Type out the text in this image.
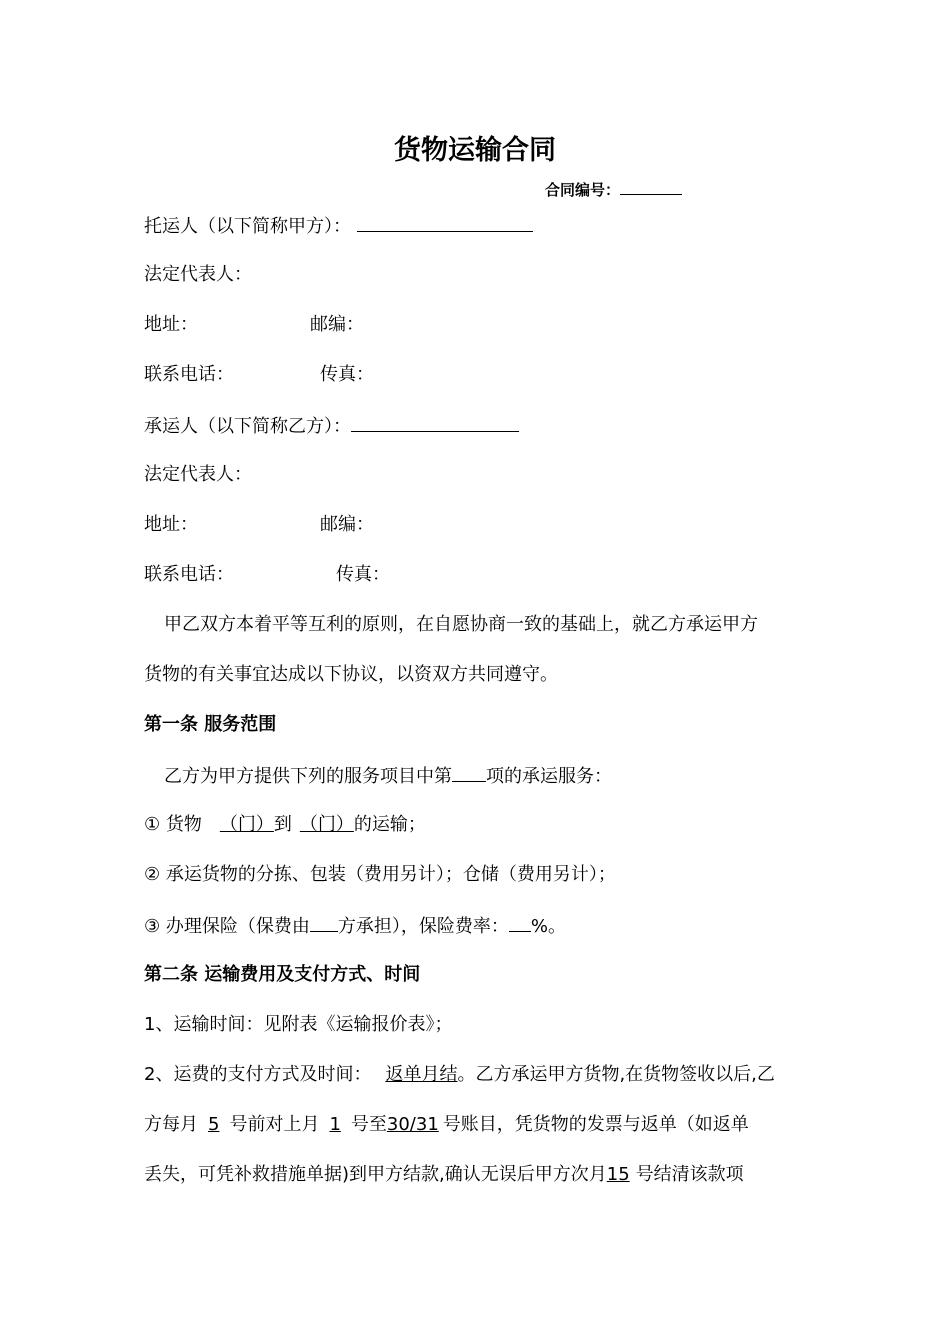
货物运输合同
合同编号：
托运人（以下简称甲方）：
法定代表人：
地址：	邮编：
联系电话：	传真：
承运人（以下简称乙方）：
法定代表人：
地址：	邮编：
联系电话：	传真：
甲乙双方本着平等互利的原则，在自愿协商一致的基础上，就乙方承运甲方
货物的有关事宜达成以下协议，以资双方共同遵守。
第一条 服务范围
乙方为甲方提供下列的服务项目中第 项的承运服务：
① 货物 （门）到 （门）的运输；
② 承运货物的分拣、包装（费用另计）；仓储（费用另计）；
③ 办理保险（保费由 方承担），保险费率： %。
第二条 运输费用及支付方式、时间
1、运输时间：见附表《运输报价表》；
2、运费的支付方式及时间： 返单月结。乙方承运甲方货物,在货物签收以后,乙
方每月 5 号前对上月 1 号至30/31 号账目，凭货物的发票与返单（如返单
丢失，可凭补救措施单据)到甲方结款,确认无误后甲方次月15 号结清该款项
